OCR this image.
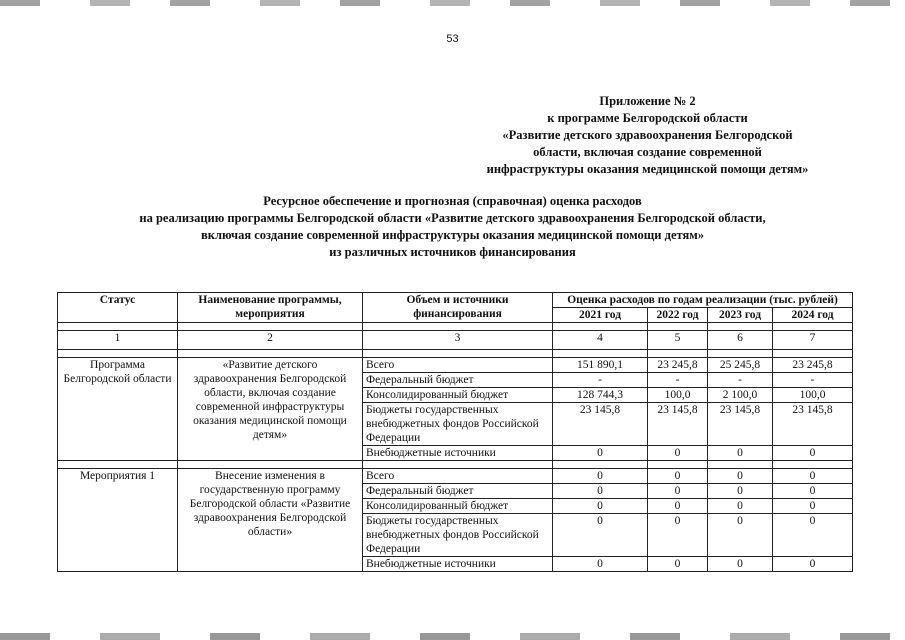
53
Приложение № 2
к программе Белгородской области
«Развитие детского здравоохранения Белгородской
области, включая создание современной
инфраструктуры оказания медицинской помощи детям»
Ресурсное обеспечение и прогнозная (справочная) оценка расходов
на реализацию программы Белгородской области «Развитие детского здравоохранения Белгородской области,
включая создание современной инфраструктуры оказания медицинской помощи детям»
из различных источников финансирования
Статус	Наименование программы, мероприятия	Объем и источники финансирования	Оценка расходов по годам реализации (тыс. рублей)			
			2021 год	2022 год	2023 год	2024 год

1	2	3	4	5	6	7

Программа Белгородской области	«Развитие детского здравоохранения Белгородской области, включая создание современной инфраструктуры оказания медицинской помощи детям»	Всего	151 890,1	23 245,8	25 245,8	23 245,8
		Федеральный бюджет	-	-	-	-
		Консолидированный бюджет	128 744,3	100,0	2 100,0	100,0
		Бюджеты государственных внебюджетных фондов Российской Федерации	23 145,8	23 145,8	23 145,8	23 145,8
		Внебюджетные источники	0	0	0	0

Мероприятия 1	Внесение изменения в государственную программу Белгородской области «Развитие здравоохранения Белгородской области»	Всего	0	0	0	0
		Федеральный бюджет	0	0	0	0
		Консолидированный бюджет	0	0	0	0
		Бюджеты государственных внебюджетных фондов Российской Федерации	0	0	0	0
		Внебюджетные источники	0	0	0	0
